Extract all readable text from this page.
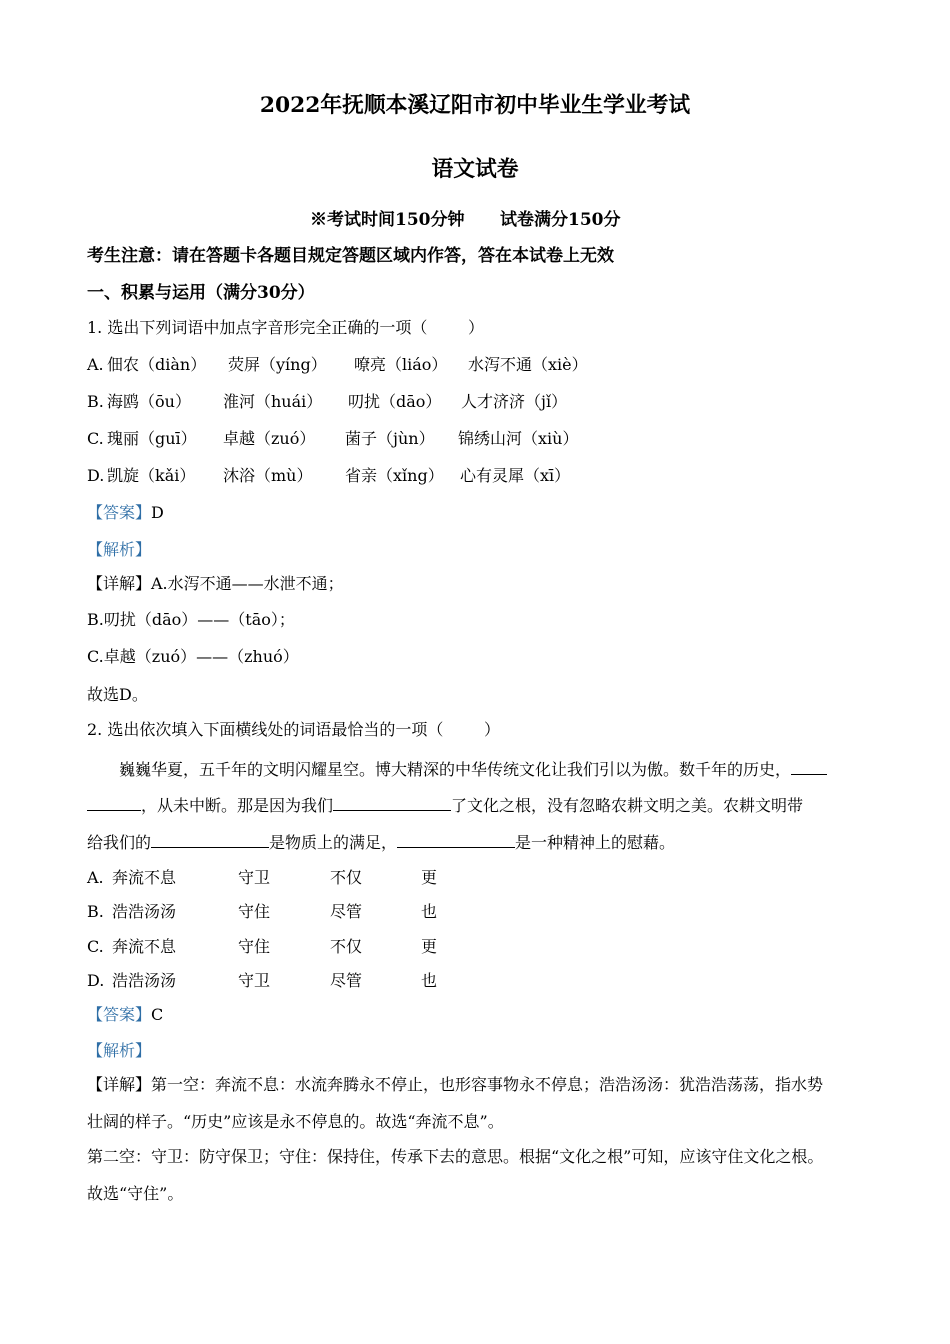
2022年抚顺本溪辽阳市初中毕业生学业考试
语文试卷
※考试时间150分钟      试卷满分150分
考生注意：请在答题卡各题目规定答题区域内作答，答在本试卷上无效
一、积累与运用（满分30分）
1. 选出下列词语中加点字音形完全正确的一项（        ）
A. 佃农（diàn） 荧屏（yíng） 嘹亮（liáo） 水泻不通（xiè）
B. 海鸥（ōu） 淮河（huái） 叨扰（dāo） 人才济济（jǐ）
C. 瑰丽（guī） 卓越（zuó） 菌子（jùn） 锦绣山河（xiù）
D. 凯旋（kǎi） 沐浴（mù） 省亲（xǐng） 心有灵犀（xī）
【答案】D
【解析】
【详解】A.水泻不通——水泄不通；
B.叨扰（dāo）——（tāo）；
C.卓越（zuó）——（zhuó）
故选D。
2. 选出依次填入下面横线处的词语最恰当的一项（        ）
巍巍华夏，五千年的文明闪耀星空。博大精深的中华传统文化让我们引以为傲。数千年的历史，
，从未中断。那是因为我们	了文化之根，没有忽略农耕文明之美。农耕文明带
给我们的	是物质上的满足，	是一种精神上的慰藉。
A. 奔流不息	守卫	不仅	更
B. 浩浩汤汤	守住	尽管	也
C. 奔流不息	守住	不仅	更
D. 浩浩汤汤	守卫	尽管	也
【答案】C
【解析】
【详解】第一空：奔流不息：水流奔腾永不停止，也形容事物永不停息；浩浩汤汤：犹浩浩荡荡，指水势
壮阔的样子。“历史”应该是永不停息的。故选“奔流不息”。
第二空：守卫：防守保卫；守住：保持住，传承下去的意思。根据“文化之根”可知，应该守住文化之根。
故选“守住”。
